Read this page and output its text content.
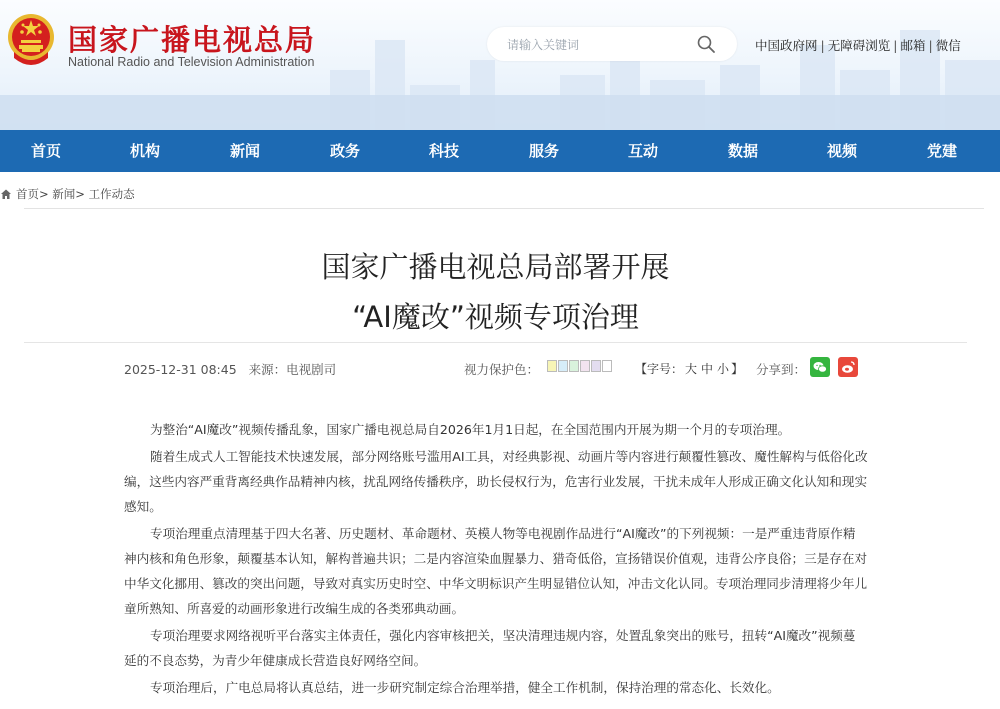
国家广播电视总局
National Radio and Television Administration
请输入关键词
中国政府网 | 无障碍浏览 | 邮箱 | 微信
首页	机构	新闻	政务	科技	服务	互动	数据	视频	党建
首页> 新闻> 工作动态
国家广播电视总局部署开展
“AI魔改”视频专项治理
2025-12-31 08:45 来源：电视剧司	视力保护色：	【字号： 大 中 小 】 分享到：

为整治“AI魔改”视频传播乱象，国家广播电视总局自2026年1月1日起，在全国范围内开展为期一个月的专项治理。

随着生成式人工智能技术快速发展，部分网络账号滥用AI工具，对经典影视、动画片等内容进行颠覆性篡改、魔性解构与低俗化改编，这些内容严重背离经典作品精神内核，扰乱网络传播秩序，助长侵权行为，危害行业发展，干扰未成年人形成正确文化认知和现实感知。

专项治理重点清理基于四大名著、历史题材、革命题材、英模人物等电视剧作品进行“AI魔改”的下列视频：一是严重违背原作精神内核和角色形象，颠覆基本认知，解构普遍共识；二是内容渲染血腥暴力、猎奇低俗，宣扬错误价值观，违背公序良俗；三是存在对中华文化挪用、篡改的突出问题，导致对真实历史时空、中华文明标识产生明显错位认知，冲击文化认同。专项治理同步清理将少年儿童所熟知、所喜爱的动画形象进行改编生成的各类邪典动画。

专项治理要求网络视听平台落实主体责任，强化内容审核把关，坚决清理违规内容，处置乱象突出的账号，扭转“AI魔改”视频蔓延的不良态势，为青少年健康成长营造良好网络空间。

专项治理后，广电总局将认真总结，进一步研究制定综合治理举措，健全工作机制，保持治理的常态化、长效化。
